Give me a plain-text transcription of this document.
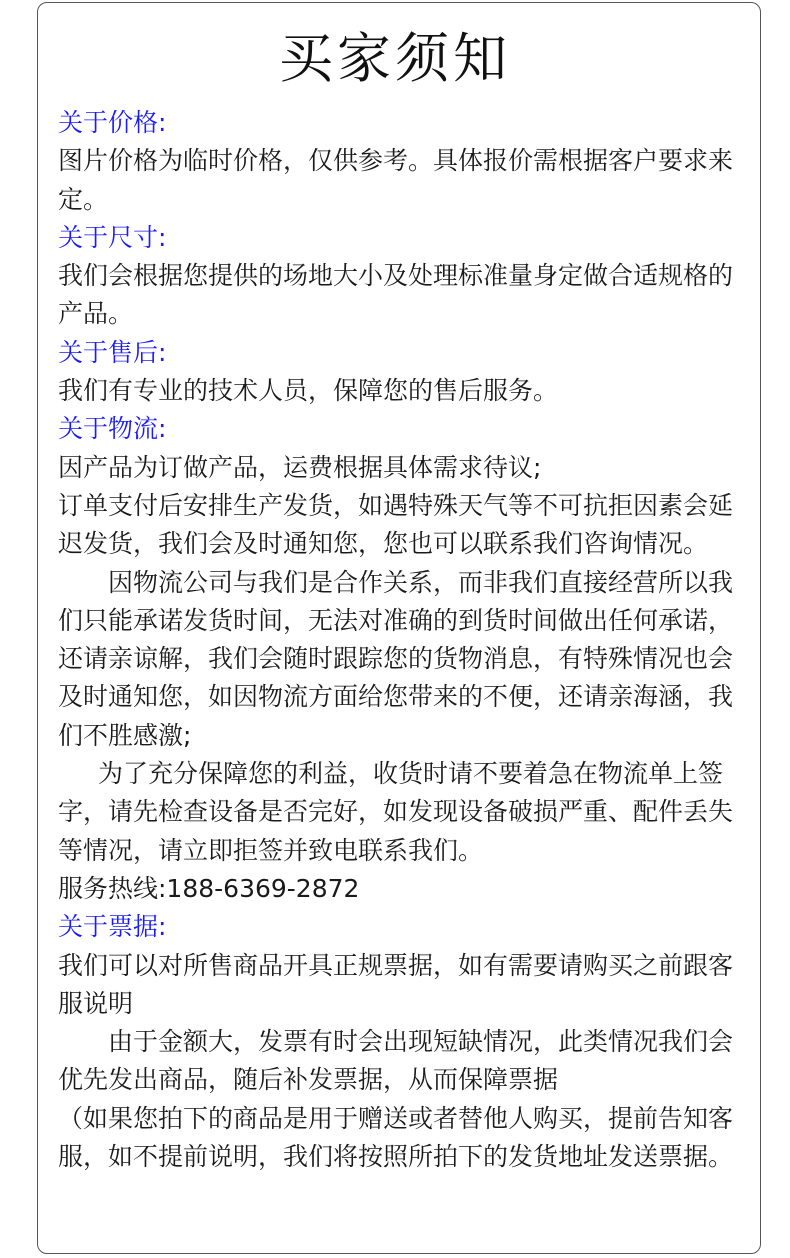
买家须知

关于价格:

图片价格为临时价格，仅供参考。具体报价需根据客户要求来定。

关于尺寸:

我们会根据您提供的场地大小及处理标准量身定做合适规格的产品。

关于售后:

我们有专业的技术人员，保障您的售后服务。

关于物流:

因产品为订做产品，运费根据具体需求待议;

订单支付后安排生产发货，如遇特殊天气等不可抗拒因素会延迟发货，我们会及时通知您，您也可以联系我们咨询情况。

因物流公司与我们是合作关系，而非我们直接经营所以我们只能承诺发货时间，无法对准确的到货时间做出任何承诺，还请亲谅解，我们会随时跟踪您的货物消息，有特殊情况也会及时通知您，如因物流方面给您带来的不便，还请亲海涵，我们不胜感激;

为了充分保障您的利益，收货时请不要着急在物流单上签字，请先检查设备是否完好，如发现设备破损严重、配件丢失等情况，请立即拒签并致电联系我们。

服务热线:188-6369-2872

关于票据:

我们可以对所售商品开具正规票据，如有需要请购买之前跟客服说明

由于金额大，发票有时会出现短缺情况，此类情况我们会优先发出商品，随后补发票据，从而保障票据

（如果您拍下的商品是用于赠送或者替他人购买，提前告知客服，如不提前说明，我们将按照所拍下的发货地址发送票据。
